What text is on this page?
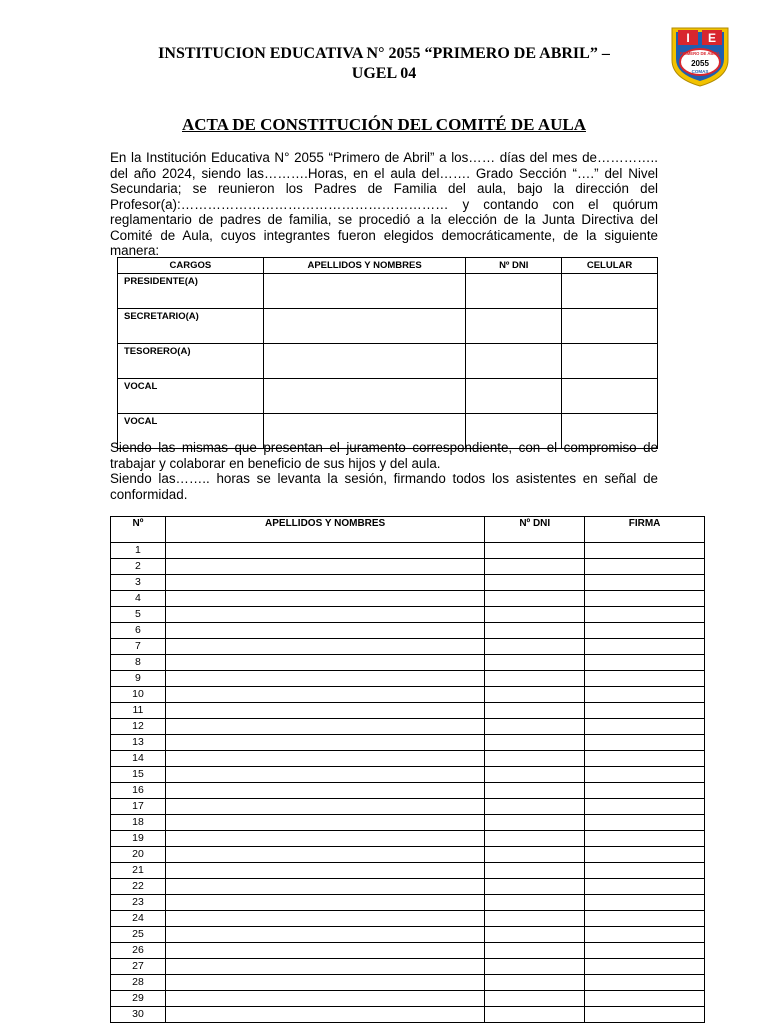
INSTITUCION EDUCATIVA N° 2055 “PRIMERO DE ABRIL” –
UGEL 04
I E
PRIMERO DE ABRIL
2055
COMAS
ACTA DE CONSTITUCIÓN DEL COMITÉ DE AULA

En la Institución Educativa N° 2055 “Primero de Abril” a los…… días del mes de………….. del año 2024, siendo las……….Horas, en el aula del……. Grado Sección “….” del Nivel Secundaria; se reunieron los Padres de Familia del aula, bajo la dirección del Profesor(a):…………………………………………………… y contando con el quórum reglamentario de padres de familia, se procedió a la elección de la Junta Directiva del Comité de Aula, cuyos integrantes fueron elegidos democráticamente, de la siguiente manera:

CARGOS	APELLIDOS Y NOMBRES	Nº DNI	CELULAR
PRESIDENTE(A)			
SECRETARIO(A)			
TESORERO(A)			
VOCAL			
VOCAL			

Siendo las mismas que presentan el juramento correspondiente, con el compromiso de trabajar y colaborar en beneficio de sus hijos y del aula.

Siendo las…….. horas se levanta la sesión, firmando todos los asistentes en señal de conformidad.

Nº	APELLIDOS Y NOMBRES	Nº DNI	FIRMA
1			
2			
3			
4			
5			
6			
7			
8			
9			
10			
11			
12			
13			
14			
15			
16			
17			
18			
19			
20			
21			
22			
23			
24			
25			
26			
27			
28			
29			
30			
